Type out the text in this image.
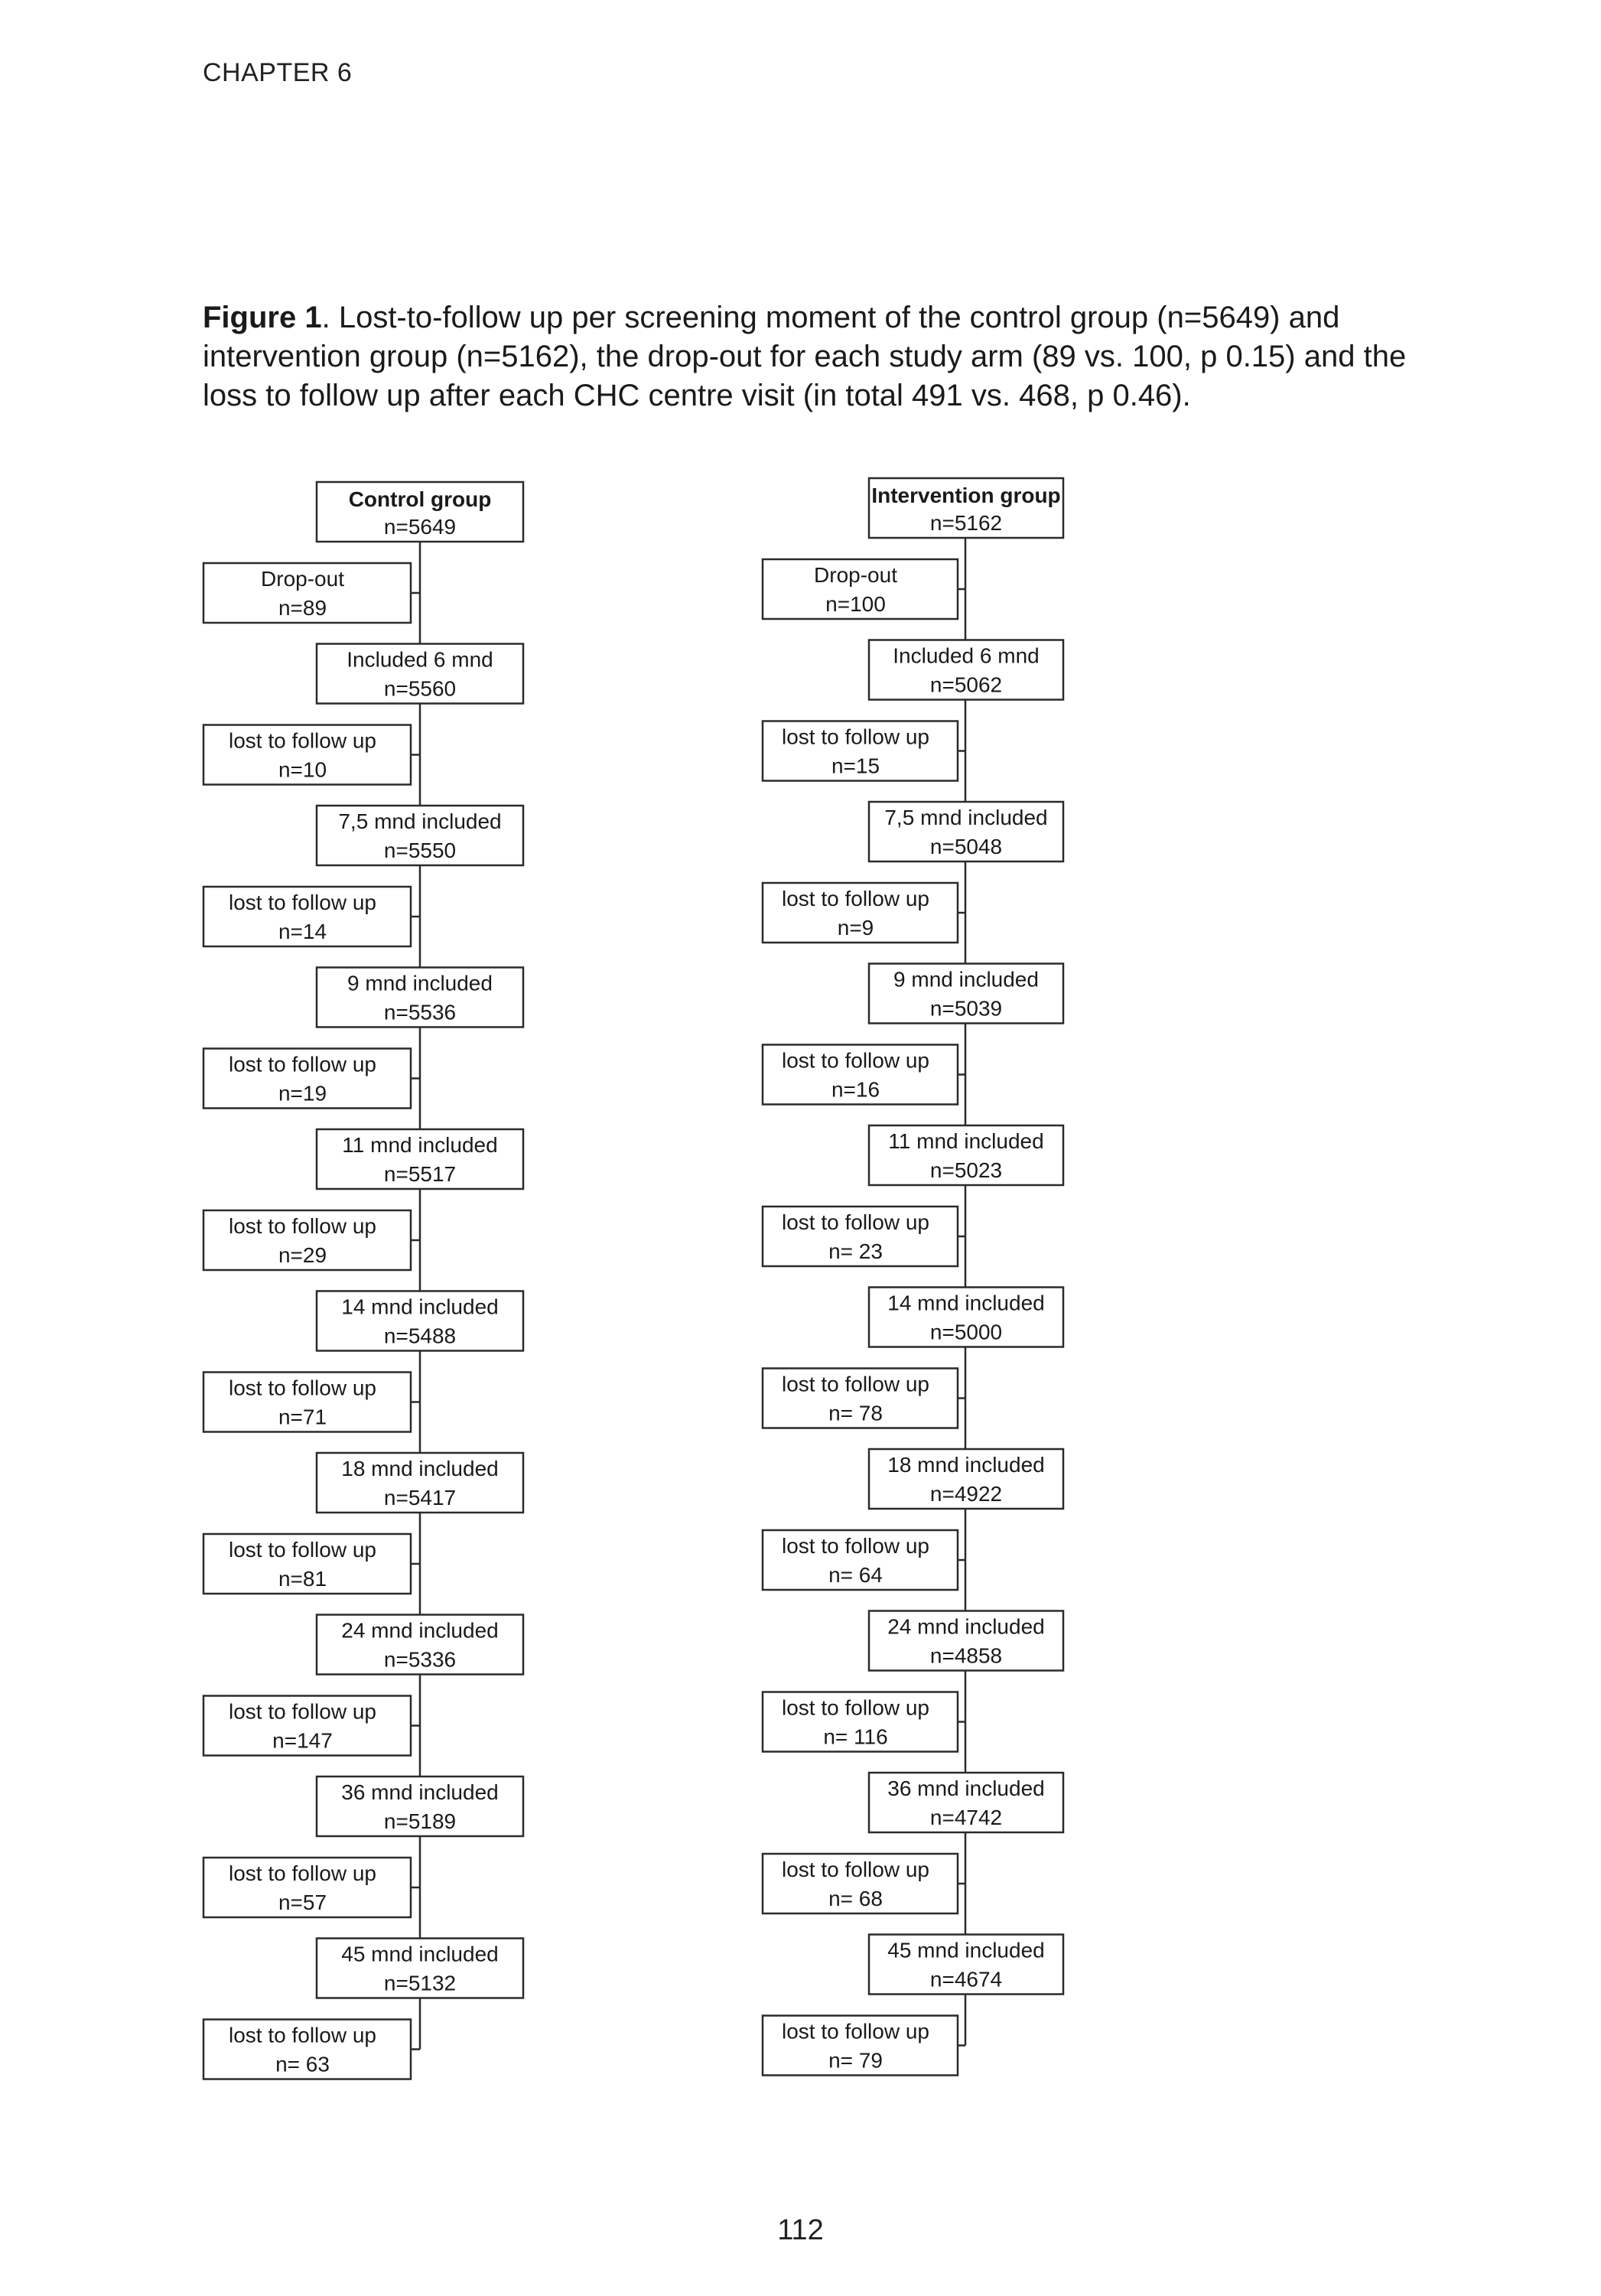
CHAPTER 6
Figure 1. Lost-to-follow up per screening moment of the control group (n=5649) and intervention group (n=5162), the drop-out for each study arm (89 vs. 100, p 0.15) and the loss to follow up after each CHC centre visit (in total 491 vs. 468, p 0.46).
Control group
n=5649
Drop-out
n=89
Included 6 mnd
n=5560
lost to follow up
n=10
7,5 mnd included
n=5550
lost to follow up
n=14
9 mnd included
n=5536
lost to follow up
n=19
11 mnd included
n=5517
lost to follow up
n=29
14 mnd included
n=5488
lost to follow up
n=71
18 mnd included
n=5417
lost to follow up
n=81
24 mnd included
n=5336
lost to follow up
n=147
36 mnd included
n=5189
lost to follow up
n=57
45 mnd included
n=5132
lost to follow up
n= 63
Intervention group
n=5162
Drop-out
n=100
Included 6 mnd
n=5062
lost to follow up
n=15
7,5 mnd included
n=5048
lost to follow up
n=9
9 mnd included
n=5039
lost to follow up
n=16
11 mnd included
n=5023
lost to follow up
n= 23
14 mnd included
n=5000
lost to follow up
n= 78
18 mnd included
n=4922
lost to follow up
n= 64
24 mnd included
n=4858
lost to follow up
n= 116
36 mnd included
n=4742
lost to follow up
n= 68
45 mnd included
n=4674
lost to follow up
n= 79
112
